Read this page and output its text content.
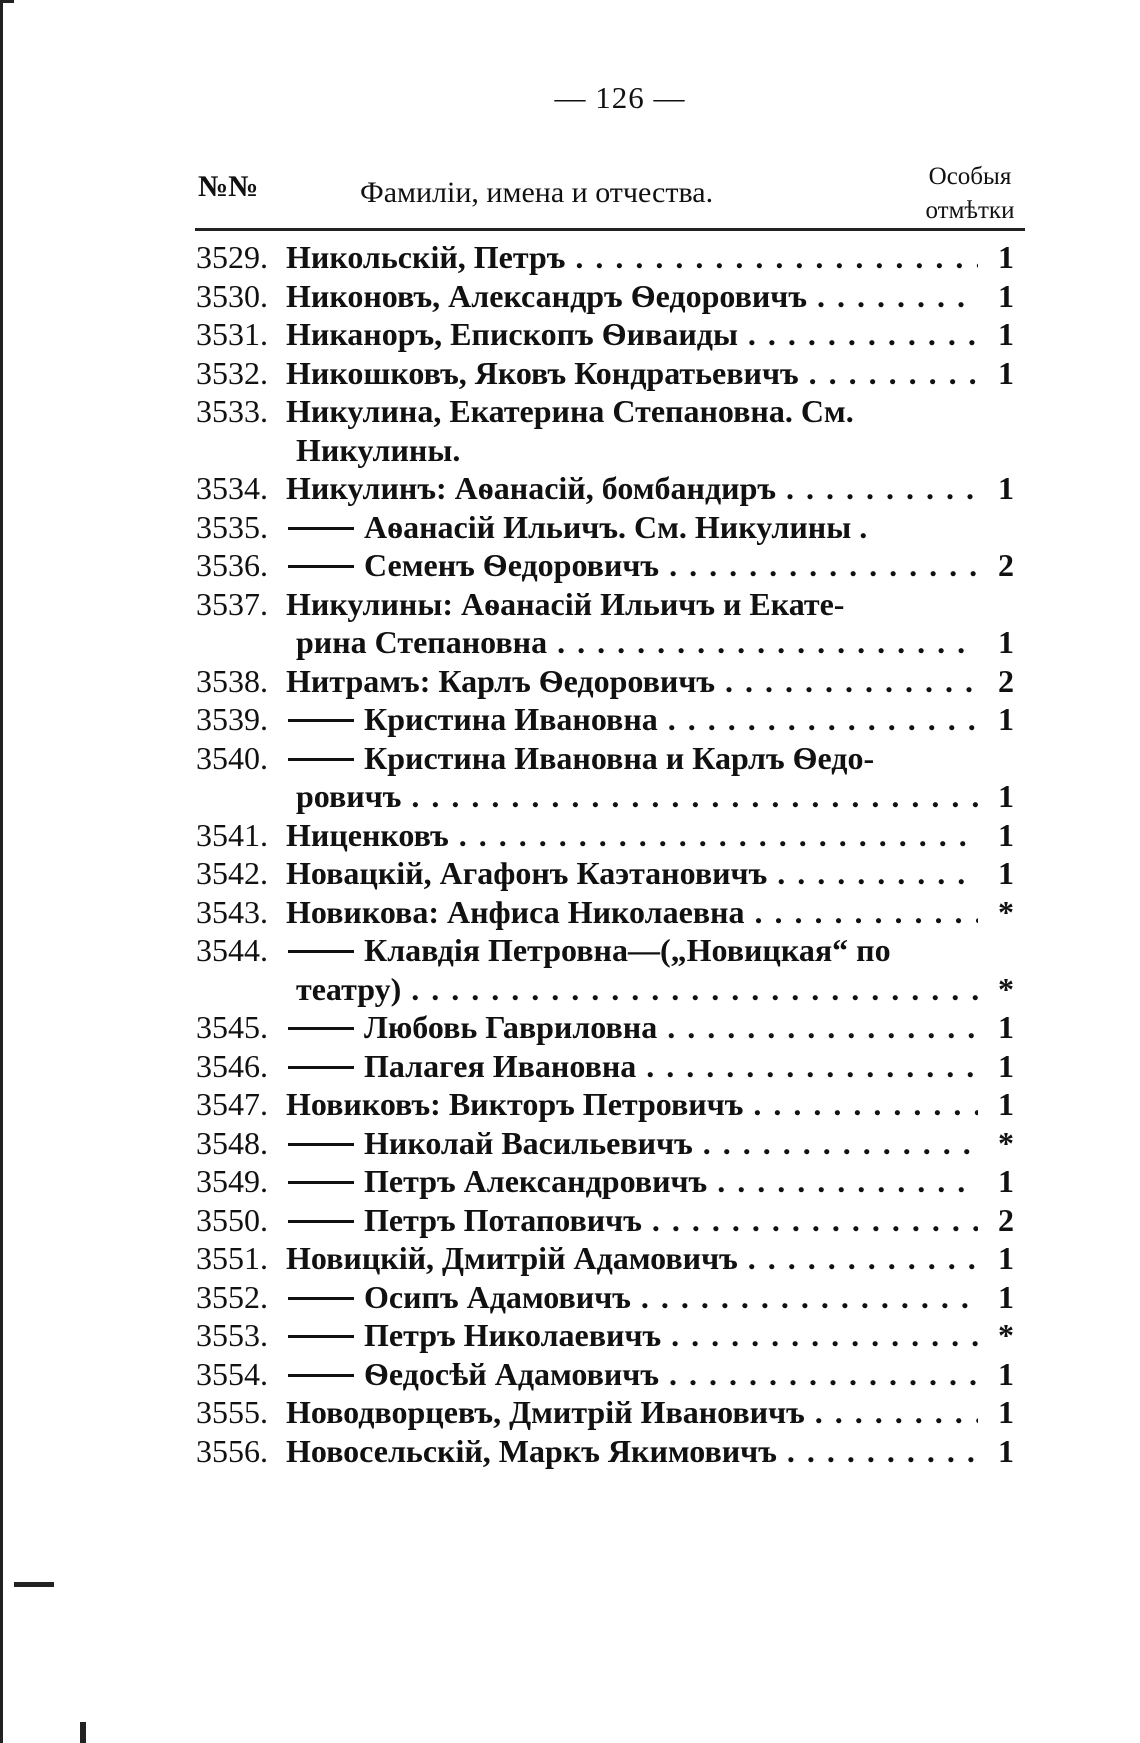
— 126 —
№№	Фамиліи, имена и отчества.	Особыя
отмѣтки
3529. Никольскій, Петръ . . .	1
3530. Никоновъ, Александръ Ѳедоровичъ . . .	1
3531. Никаноръ, Епископъ Ѳиваиды . . .	1
3532. Никошковъ, Яковъ Кондратьевичъ . . .	1
3533. Никулина, Екатерина Степановна. См.
Никулины.
3534. Никулинъ: Аѳанасій, бомбандиръ . . .	1
3535.	Аѳанасій Ильичъ. См. Никулины .
3536.	Семенъ Ѳедоровичъ . . .	2
3537. Никулины: Аѳанасій Ильичъ и Екате-
рина Степановна . . .	1
3538. Нитрамъ: Карлъ Ѳедоровичъ . . .	2
3539.	Кристина Ивановна . . .	1
3540.	Кристина Ивановна и Карлъ Ѳедо-
ровичъ . . .	1
3541. Ниценковъ . . .	1
3542. Новацкій, Агафонъ Каэтановичъ . . .	1
3543. Новикова: Анфиса Николаевна . . .	*
3544.	Клавдія Петровна—(„Новицкая“ по
театру) . . .	*
3545.	Любовь Гавриловна . . .	1
3546.	Палагея Ивановна . . .	1
3547. Новиковъ: Викторъ Петровичъ . . .	1
3548.	Николай Васильевичъ . . .	*
3549.	Петръ Александровичъ . . .	1
3550.	Петръ Потаповичъ . . .	2
3551. Новицкій, Дмитрій Адамовичъ . . .	1
3552.	Осипъ Адамовичъ . . .	1
3553.	Петръ Николаевичъ . . .	*
3554.	Ѳедосѣй Адамовичъ . . .	1
3555. Новодворцевъ, Дмитрій Ивановичъ . . .	1
3556. Новосельскій, Маркъ Якимовичъ . . .	1
